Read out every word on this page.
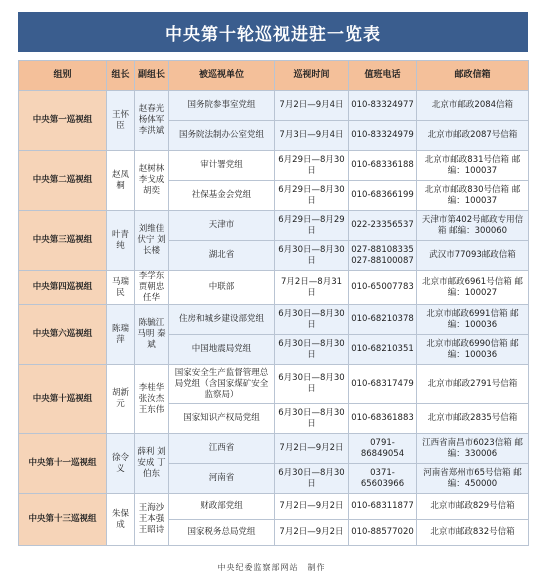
中央第十轮巡视进驻一览表
组别	组长	副组长	被巡视单位	巡视时间	值班电话	邮政信箱
中央第一巡视组	王怀臣	赵春光 杨体军 李洪斌	国务院参事室党组	7月2日—9月4日	010-83324977	北京市邮政2084信箱
			国务院法制办公室党组	7月3日—9月4日	010-83324979	北京市邮政2087号信箱
中央第二巡视组	赵凤桐	赵树林 李戈成 胡奕	审计署党组	6月29日—8月30日	010-68336188	北京市邮政831号信箱 邮编：100037
			社保基金会党组	6月29日—8月30日	010-68366199	北京市邮政830号信箱 邮编：100037
中央第三巡视组	叶青纯	刘维佳 伏宁 刘长楼	天津市	6月29日—8月29日	022-23356537	天津市第402号邮政专用信箱 邮编：300060
			湖北省	6月30日—8月30日	027-88108335 027-88100087	武汉市77093邮政信箱
中央第四巡视组	马瑞民	李学东 贾朝忠 任华	中联部	7月2日—8月31日	010-65007783	北京市邮政6961号信箱 邮编：100027
中央第六巡视组	陈瑞萍	陈毓江 马明 秦斌	住房和城乡建设部党组	6月30日—8月30日	010-68210378	北京市邮政6991信箱 邮编：100036
			中国地震局党组	6月30日—8月30日	010-68210351	北京市邮政6990信箱 邮编：100036
中央第十巡视组	胡新元	李桂华 张汝杰 王东伟	国家安全生产监督管理总局党组（含国家煤矿安全监察局）	6月30日—8月30日	010-68317479	北京市邮政2791号信箱
			国家知识产权局党组	6月30日—8月30日	010-68361883	北京市邮政2835号信箱
中央第十一巡视组	徐令义	薛利 刘安成 丁伯东	江西省	7月2日—9月2日	0791-86849054	江西省南昌市6023信箱 邮编：330006
			河南省	6月30日—8月30日	0371-65603966	河南省郑州市65号信箱 邮编：450000
中央第十三巡视组	朱保成	王海沙 王本强 王昭诗	财政部党组	7月2日—9月2日	010-68311877	北京市邮政829号信箱
			国家税务总局党组	7月2日—9月2日	010-88577020	北京市邮政832号信箱
中央纪委监察部网站　制作
